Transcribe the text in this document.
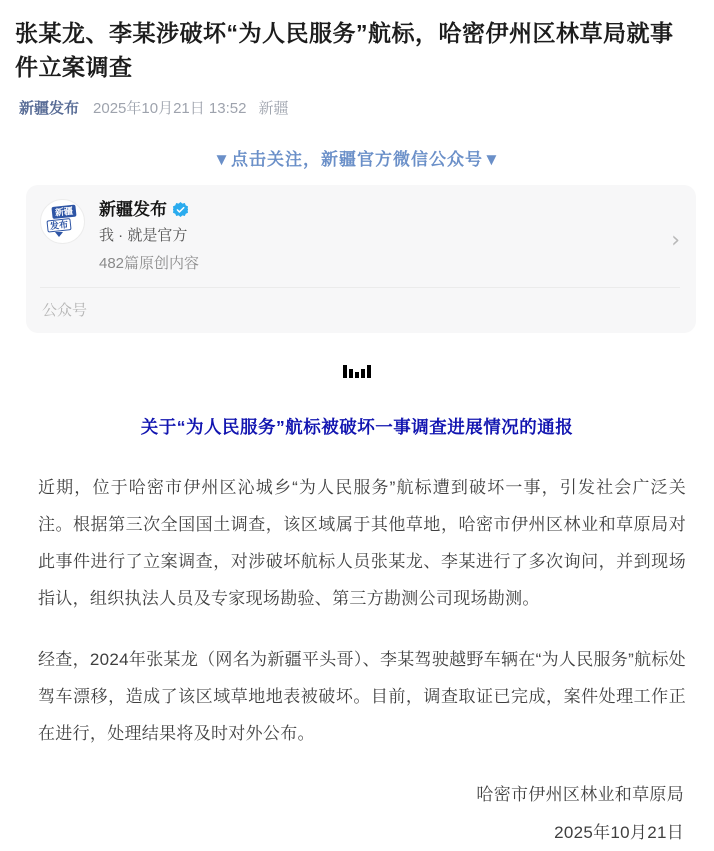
张某龙、李某涉破坏“为人民服务”航标，哈密伊州区林草局就事件立案调查
新疆发布 2025年10月21日 13:52 新疆
▼点击关注，新疆官方微信公众号▼
新疆
发布
新疆发布
我 · 就是官方
482篇原创内容
›
公众号
关于“为人民服务”航标被破坏一事调查进展情况的通报

近期，位于哈密市伊州区沁城乡“为人民服务”航标遭到破坏一事，引发社会广泛关注。根据第三次全国国土调查，该区域属于其他草地，哈密市伊州区林业和草原局对此事件进行了立案调查，对涉破坏航标人员张某龙、李某进行了多次询问，并到现场指认，组织执法人员及专家现场勘验、第三方勘测公司现场勘测。

经查，2024年张某龙（网名为新疆平头哥）、李某驾驶越野车辆在“为人民服务”航标处驾车漂移，造成了该区域草地地表被破坏。目前，调查取证已完成，案件处理工作正在进行，处理结果将及时对外公布。

哈密市伊州区林业和草原局
2025年10月21日
